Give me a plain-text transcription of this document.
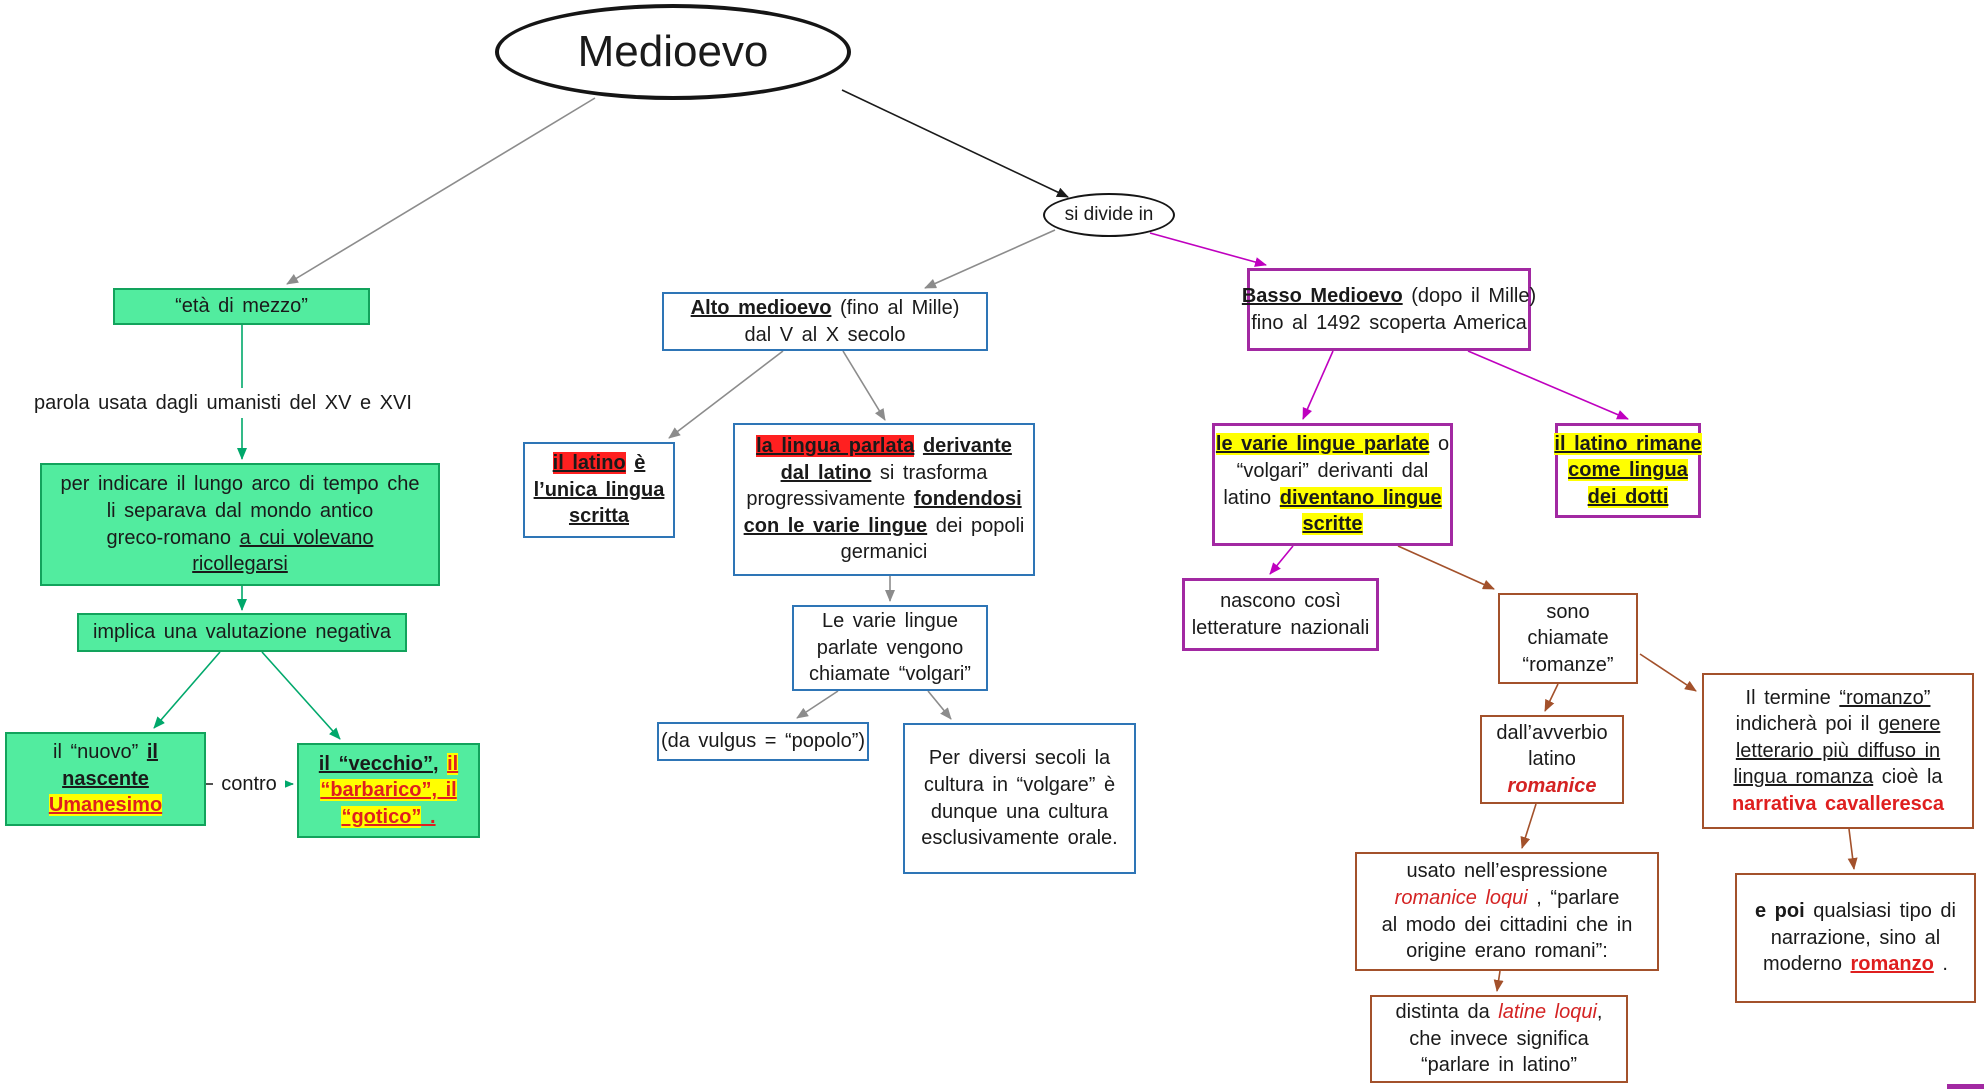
Medioevo
si divide in
“età di mezzo”
parola usata dagli umanisti del XV e XVI
per indicare il lungo arco di tempo che
li separava dal mondo antico
greco-romano a cui volevano
ricollegarsi
implica una valutazione negativa
il “nuovo” il
nascente
Umanesimo
contro
il “vecchio”, il
“barbarico”, il
“gotico” .
Alto medioevo (fino al Mille)
dal V al X secolo
il latino è
l’unica lingua
scritta
la lingua parlata derivante
dal latino si trasforma
progressivamente fondendosi
con le varie lingue dei popoli
germanici
Le varie lingue
parlate vengono
chiamate “volgari”
(da vulgus = “popolo”)
Per diversi secoli la
cultura in “volgare” è
dunque una cultura
esclusivamente orale.
Basso Medioevo (dopo il Mille)
fino al 1492 scoperta America
le varie lingue parlate o
“volgari” derivanti dal
latino diventano lingue
scritte
il latino rimane
come lingua
dei dotti
nascono così
letterature nazionali
sono
chiamate
“romanze”
dall’avverbio
latino
romanice
Il termine “romanzo”
indicherà poi il genere
letterario più diffuso in
lingua romanza cioè la
narrativa cavalleresca
usato nell’espressione
romanice loqui , “parlare
al modo dei cittadini che in
origine erano romani”:
distinta da latine loqui,
che invece significa
“parlare in latino”
e poi qualsiasi tipo di
narrazione, sino al
moderno romanzo .
